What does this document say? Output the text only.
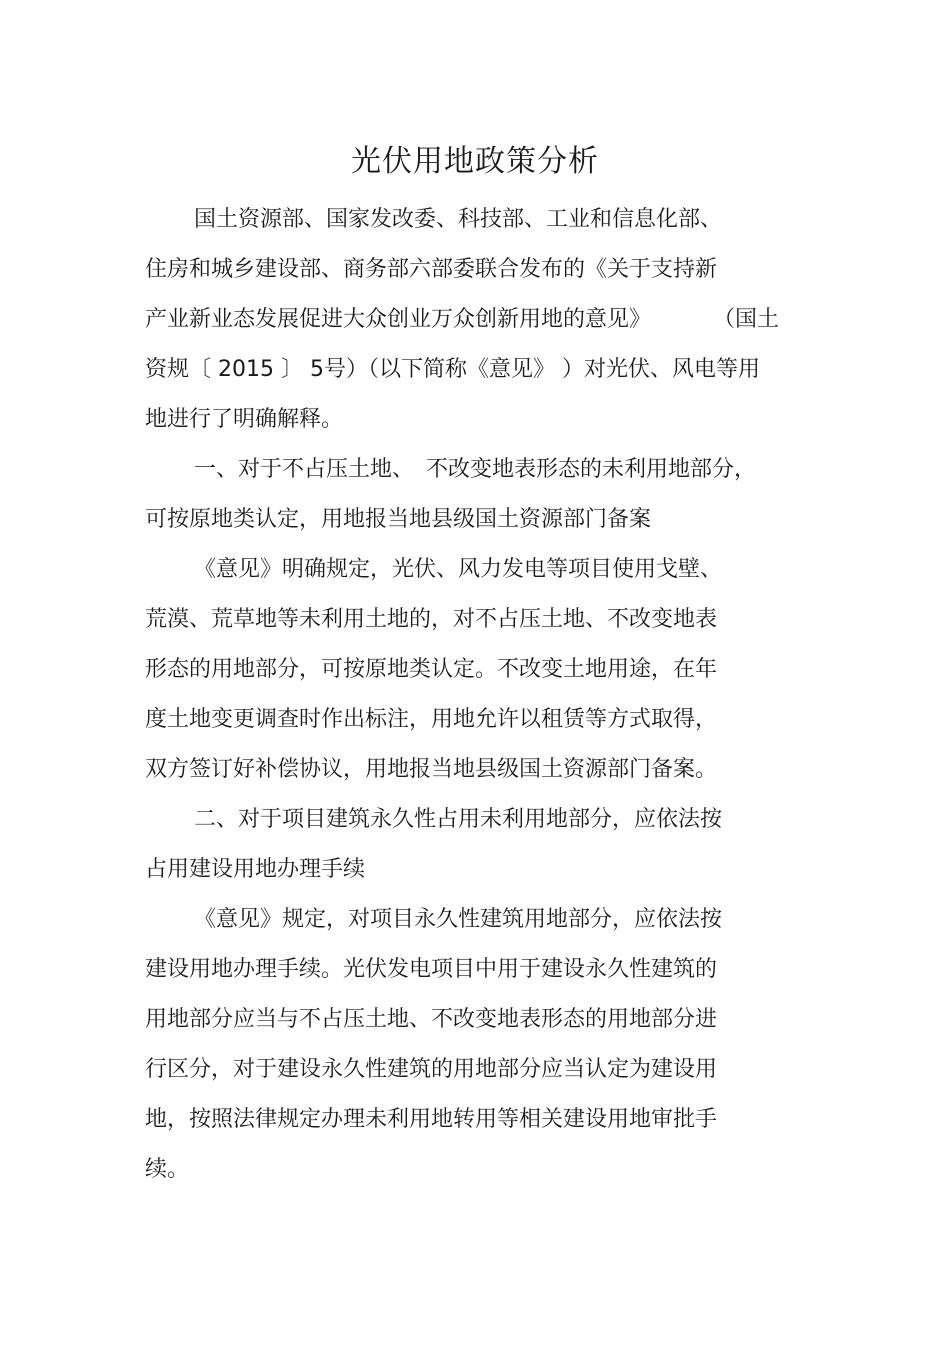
光伏用地政策分析
国土资源部、国家发改委、科技部、工业和信息化部、
住房和城乡建设部、商务部六部委联合发布的《关于支持新
产业新业态发展促进大众创业万众创新用地的意见》	（国土
资规〔 2015 〕 5号）（以下简称《意见》 ）对光伏、风电等用
地进行了明确解释。
一、对于不占压土地、 不改变地表形态的未利用地部分，
可按原地类认定，用地报当地县级国土资源部门备案
《意见》明确规定，光伏、风力发电等项目使用戈壁、
荒漠、荒草地等未利用土地的，对不占压土地、不改变地表
形态的用地部分，可按原地类认定。不改变土地用途，在年
度土地变更调查时作出标注，用地允许以租赁等方式取得，
双方签订好补偿协议，用地报当地县级国土资源部门备案。
二、对于项目建筑永久性占用未利用地部分，应依法按
占用建设用地办理手续
《意见》规定，对项目永久性建筑用地部分，应依法按
建设用地办理手续。光伏发电项目中用于建设永久性建筑的
用地部分应当与不占压土地、不改变地表形态的用地部分进
行区分，对于建设永久性建筑的用地部分应当认定为建设用
地，按照法律规定办理未利用地转用等相关建设用地审批手
续。
